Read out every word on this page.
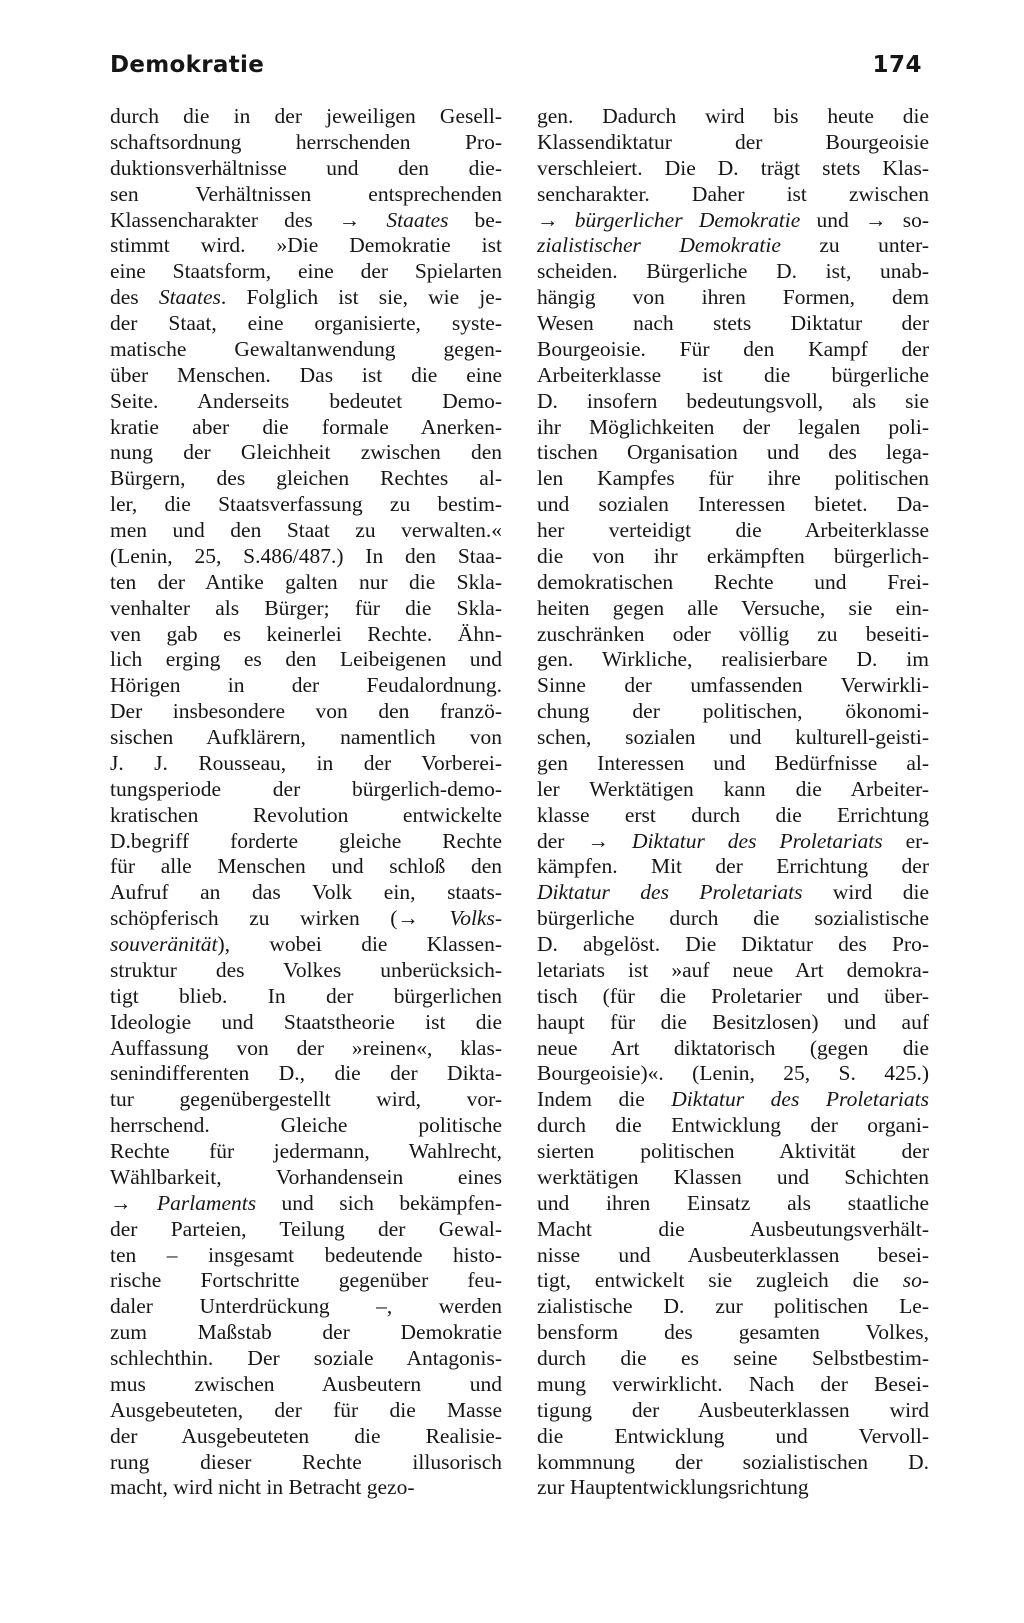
Demokratie	174
durch die in der jeweiligen Gesell-
schaftsordnung herrschenden Pro-
duktionsverhältnisse und den die-
sen Verhältnissen entsprechenden
Klassencharakter des → Staates be-
stimmt wird. »Die Demokratie ist
eine Staatsform, eine der Spielarten
des Staates. Folglich ist sie, wie je-
der Staat, eine organisierte, syste-
matische Gewaltanwendung gegen-
über Menschen. Das ist die eine
Seite. Anderseits bedeutet Demo-
kratie aber die formale Anerken-
nung der Gleichheit zwischen den
Bürgern, des gleichen Rechtes al-
ler, die Staatsverfassung zu bestim-
men und den Staat zu verwalten.«
(Lenin, 25, S.486/487.) In den Staa-
ten der Antike galten nur die Skla-
venhalter als Bürger; für die Skla-
ven gab es keinerlei Rechte. Ähn-
lich erging es den Leibeigenen und
Hörigen in der Feudalordnung.
Der insbesondere von den franzö-
sischen Aufklärern, namentlich von
J. J. Rousseau, in der Vorberei-
tungsperiode der bürgerlich-demo-
kratischen Revolution entwickelte
D.begriff forderte gleiche Rechte
für alle Menschen und schloß den
Aufruf an das Volk ein, staats-
schöpferisch zu wirken (→ Volks-
souveränität), wobei die Klassen-
struktur des Volkes unberücksich-
tigt blieb. In der bürgerlichen
Ideologie und Staatstheorie ist die
Auffassung von der »reinen«, klas-
senindifferenten D., die der Dikta-
tur gegenübergestellt wird, vor-
herrschend. Gleiche politische
Rechte für jedermann, Wahlrecht,
Wählbarkeit, Vorhandensein eines
→ Parlaments und sich bekämpfen-
der Parteien, Teilung der Gewal-
ten – insgesamt bedeutende histo-
rische Fortschritte gegenüber feu-
daler Unterdrückung –, werden
zum Maßstab der Demokratie
schlechthin. Der soziale Antagonis-
mus zwischen Ausbeutern und
Ausgebeuteten, der für die Masse
der Ausgebeuteten die Realisie-
rung dieser Rechte illusorisch
macht, wird nicht in Betracht gezo-
gen. Dadurch wird bis heute die
Klassendiktatur der Bourgeoisie
verschleiert. Die D. trägt stets Klas-
sencharakter. Daher ist zwischen
→ bürgerlicher Demokratie und → so-
zialistischer Demokratie zu unter-
scheiden. Bürgerliche D. ist, unab-
hängig von ihren Formen, dem
Wesen nach stets Diktatur der
Bourgeoisie. Für den Kampf der
Arbeiterklasse ist die bürgerliche
D. insofern bedeutungsvoll, als sie
ihr Möglichkeiten der legalen poli-
tischen Organisation und des lega-
len Kampfes für ihre politischen
und sozialen Interessen bietet. Da-
her verteidigt die Arbeiterklasse
die von ihr erkämpften bürgerlich-
demokratischen Rechte und Frei-
heiten gegen alle Versuche, sie ein-
zuschränken oder völlig zu beseiti-
gen. Wirkliche, realisierbare D. im
Sinne der umfassenden Verwirkli-
chung der politischen, ökonomi-
schen, sozialen und kulturell-geisti-
gen Interessen und Bedürfnisse al-
ler Werktätigen kann die Arbeiter-
klasse erst durch die Errichtung
der → Diktatur des Proletariats er-
kämpfen. Mit der Errichtung der
Diktatur des Proletariats wird die
bürgerliche durch die sozialistische
D. abgelöst. Die Diktatur des Pro-
letariats ist »auf neue Art demokra-
tisch (für die Proletarier und über-
haupt für die Besitzlosen) und auf
neue Art diktatorisch (gegen die
Bourgeoisie)«. (Lenin, 25, S. 425.)
Indem die Diktatur des Proletariats
durch die Entwicklung der organi-
sierten politischen Aktivität der
werktätigen Klassen und Schichten
und ihren Einsatz als staatliche
Macht die Ausbeutungsverhält-
nisse und Ausbeuterklassen besei-
tigt, entwickelt sie zugleich die so-
zialistische D. zur politischen Le-
bensform des gesamten Volkes,
durch die es seine Selbstbestim-
mung verwirklicht. Nach der Besei-
tigung der Ausbeuterklassen wird
die Entwicklung und Vervoll-
kommnung der sozialistischen D.
zur Hauptentwicklungsrichtung
